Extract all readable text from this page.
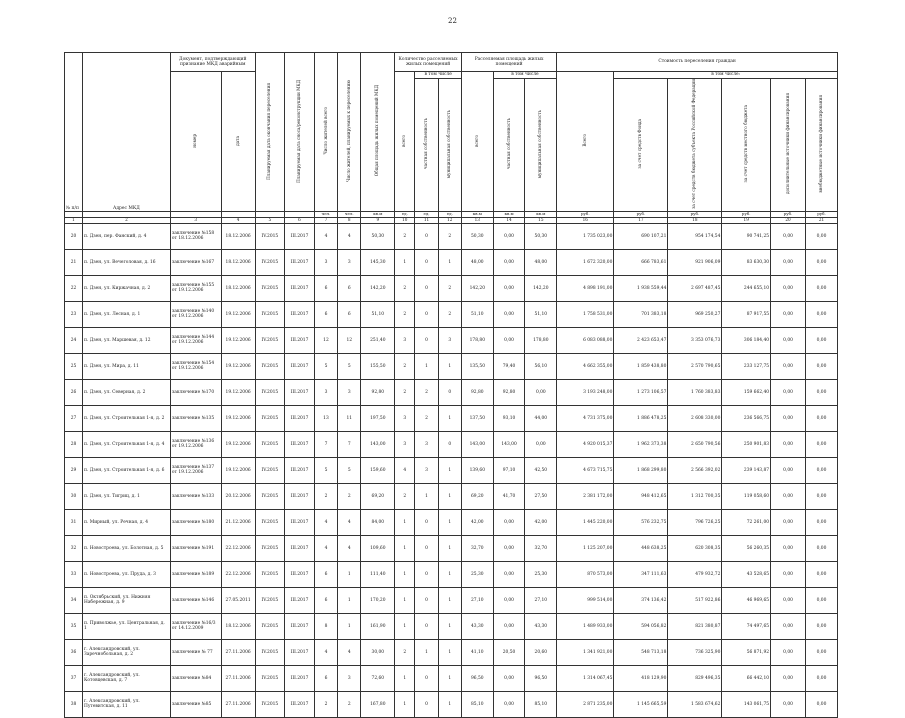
22
№ п/п	Адрес МКД	Документ, подтверждающий признание МКД аварийным		Планируемая дата окончания переселения	Планируемая дата сноса/реконструкции МКД	Число жителей всего	Число жителей, планируемых к переселению	Общая площадь жилых помещений МКД	Количество расселяемых жилых помещений			Расселяемая площадь жилых помещений			Стоимость переселения граждан					
		номер	дата						всего	в том числе		всего	в том числе		Всего	в том числе:				
										частная собственность	муниципальная собственность		частная собственность	муниципальная собственность		за счет средств Фонда	за счет средств бюджета субъекта Российской Федерации	за счет средств местного бюджета	дополнительные источники финансирования	внебюджетные источники финансирования
						чел.	чел.	кв.м	ед.	ед.	ед.	кв.м	кв.м	кв.м	руб.	руб.	руб.	руб.	руб.	руб.
1	2	3	4	5	6	7	8	9	10	11	12	13	14	15	16	17	18	19	20	21
20	п. Дзен, пер. Фанский, д. 4	заключение №158 от 18.12.2006	18.12.2006	IV.2015	III.2017	4	4	50,30	2	0	2	50,30	0,00	50,30	1 735 023,00	690 107,21	954 174,54	90 741,25	0,00	0,00
21	п. Дзен, ул. Вечеголовая, д. 16	заключение №167	18.12.2006	IV.2015	III.2017	3	3	145,30	1	0	1	48,00	0,00	48,00	1 672 320,00	666 783,61	921 906,09	83 630,30	0,00	0,00
22	п. Дзен, ул. Киржачная, д. 2	заключение №155 от 19.12.2006	18.12.2006	IV.2015	III.2017	6	6	142,20	2	0	2	142,20	0,00	142,20	4 898 191,00	1 938 559,44	2 697 487,45	244 655,10	0,00	0,00
23	п. Дзен, ул. Лесная, д. 1	заключение №140 от 19.12.2006	19.12.2006	IV.2015	III.2017	6	6	51,10	2	0	2	51,10	0,00	51,10	1 758 531,00	701 383,18	969 250,27	87 917,55	0,00	0,00
24	п. Дзен, ул. Маршевая, д. 12	заключение №144 от 19.12.2006	19.12.2006	IV.2015	III.2017	12	12	251,40	3	0	3	178,80	0,00	178,80	6 083 088,00	2 423 653,47	3 353 076,73	306 184,40	0,00	0,00
25	п. Дзен, ул. Мира, д. 11	заключение №154 от 19.12.2006	19.12.2006	IV.2015	III.2017	5	5	155,50	2	1	1	135,50	79,40	56,10	4 662 355,00	1 859 438,80	2 570 790,65	233 127,75	0,00	0,00
26	п. Дзен, ул. Северная, д. 2	заключение №170	19.12.2006	IV.2015	III.2017	3	3	92,80	2	2	0	92,80	92,80	0,00	3 193 248,00	1 273 106,57	1 760 383,83	159 662,40	0,00	0,00
27	п. Дзен, ул. Строительная 1-я, д. 2	заключение №135	19.12.2006	IV.2015	III.2017	13	11	197,50	3	2	1	137,50	93,10	44,00	4 731 375,00	1 886 478,25	2 608 330,00	236 566,75	0,00	0,00
28	п. Дзен, ул. Строительная 1-я, д. 4	заключение №136 от 19.12.2006	19.12.2006	IV.2015	III.2017	7	7	143,00	3	3	0	143,00	143,00	0,00	4 920 015,37	1 962 373,38	2 650 790,56	250 901,83	0,00	0,00
29	п. Дзен, ул. Строительная 1-я, д. 6	заключение №137 от 19.12.2006	19.12.2006	IV.2015	III.2017	5	5	159,60	4	3	1	139,60	97,10	42,50	4 673 715,75	1 868 299,80	2 566 392,02	239 143,87	0,00	0,00
30	п. Дзен, ул. Тигриц, д. 1	заключение №133	20.12.2006	IV.2015	III.2017	2	2	69,20	2	1	1	69,20	41,70	27,50	2 381 172,00	948 412,65	1 312 700,35	119 058,60	0,00	0,00
31	п. Мирный, ул. Речная, д. 4	заключение №180	21.12.2006	IV.2015	III.2017	4	4	84,00	1	0	1	42,00	0,00	42,00	1 445 220,00	576 232,75	796 726,25	72 261,00	0,00	0,00
32	п. Новостроева, ул. Болотная, д. 5	заключение №191	22.12.2006	IV.2015	III.2017	4	4	109,60	1	0	1	32,70	0,00	32,70	1 125 207,00	448 638,25	620 308,35	56 260,35	0,00	0,00
33	п. Новостроева, ул. Пруда, д. 3	заключение №189	22.12.2006	IV.2015	III.2017	6	1	111,40	1	0	1	25,30	0,00	25,30	870 573,00	347 111,63	479 932,72	43 528,65	0,00	0,00
34	п. Октябрьский, ул. Нижняя Набережная, д. 9	заключение №146	27.05.2011	IV.2015	III.2017	6	1	170,20	1	0	1	27,10	0,00	27,10	999 514,00	374 136,42	517 922,86	46 969,65	0,00	0,00
35	п. Приволжье, ул. Центральная, д. 1	заключение №16/3 от 14.12.2009	18.12.2006	IV.2015	III.2017	8	1	161,90	1	0	1	43,30	0,00	43,30	1 489 933,00	594 056,82	821 380,87	74 497,65	0,00	0,00
36	г. Александровский, ул. Заречнобольная, д. 2	заключение № 77	27.11.2006	IV.2015	III.2017	4	4	30,00	2	1	1	41,10	20,50	20,60	1 341 921,00	548 713,18	736 325,90	56 871,92	0,00	0,00
37	г. Александровский, ул. Котовцевская, д. 7	заключение №84	27.11.2006	IV.2015	III.2017	6	3	72,60	1	0	1	96,50	0,00	96,50	1 314 067,45	418 129,90	829 496,35	66 442,10	0,00	0,00
38	г. Александровский, ул. Путевитская, д. 11	заключение №85	27.11.2006	IV.2015	III.2017	2	2	167,80	1	0	1	85,10	0,00	85,10	2 871 235,00	1 145 665,59	1 583 674,62	143 061,75	0,00	0,00
